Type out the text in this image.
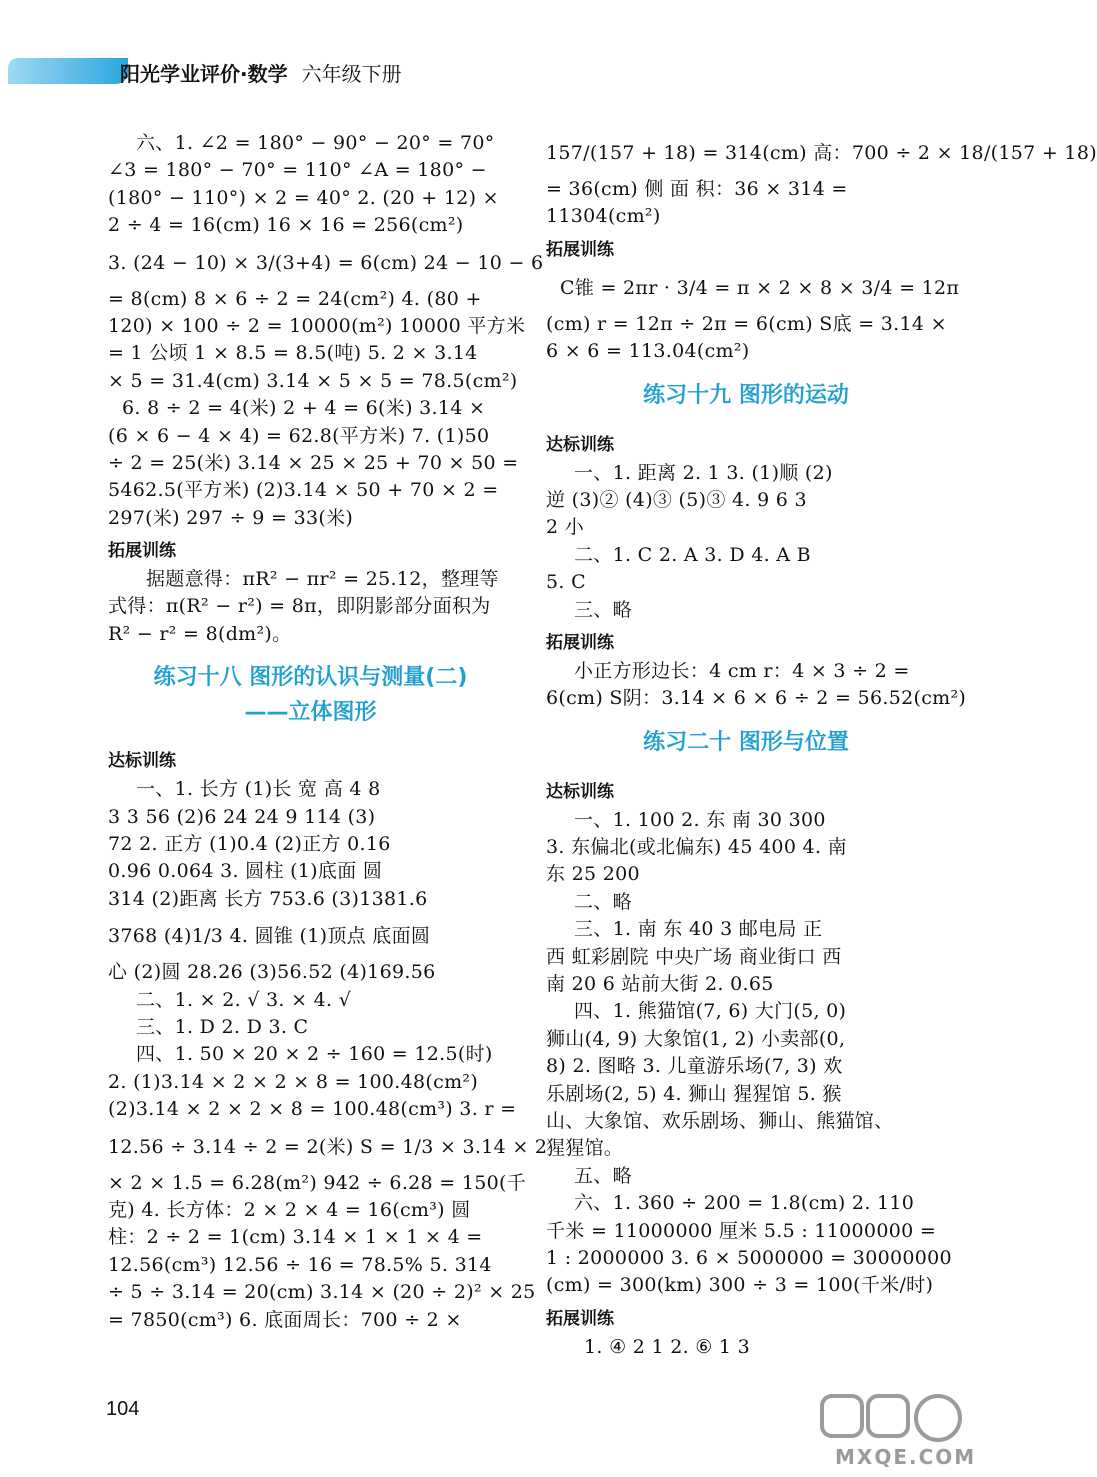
阳光学业评价·数学 六年级下册
六、1. ∠2 = 180° − 90° − 20° = 70°
∠3 = 180° − 70° = 110° ∠A = 180° −
(180° − 110°) × 2 = 40° 2. (20 + 12) ×
2 ÷ 4 = 16(cm) 16 × 16 = 256(cm²)
3. (24 − 10) × 3/(3+4) = 6(cm) 24 − 10 − 6
= 8(cm) 8 × 6 ÷ 2 = 24(cm²) 4. (80 +
120) × 100 ÷ 2 = 10000(m²) 10000 平方米
= 1 公顷 1 × 8.5 = 8.5(吨) 5. 2 × 3.14
× 5 = 31.4(cm) 3.14 × 5 × 5 = 78.5(cm²)
6. 8 ÷ 2 = 4(米) 2 + 4 = 6(米) 3.14 ×
(6 × 6 − 4 × 4) = 62.8(平方米) 7. (1)50
÷ 2 = 25(米) 3.14 × 25 × 25 + 70 × 50 =
5462.5(平方米) (2)3.14 × 50 + 70 × 2 =
297(米) 297 ÷ 9 = 33(米)
拓展训练
据题意得：πR² − πr² = 25.12，整理等
式得：π(R² − r²) = 8π，即阴影部分面积为
R² − r² = 8(dm²)。
练习十八 图形的认识与测量(二)
——立体图形
达标训练
一、1. 长方 (1)长 宽 高 4 8
3 3 56 (2)6 24 24 9 114 (3)
72 2. 正方 (1)0.4 (2)正方 0.16
0.96 0.064 3. 圆柱 (1)底面 圆
314 (2)距离 长方 753.6 (3)1381.6
3768 (4)1/3 4. 圆锥 (1)顶点 底面圆
心 (2)圆 28.26 (3)56.52 (4)169.56
二、1. × 2. √ 3. × 4. √
三、1. D 2. D 3. C
四、1. 50 × 20 × 2 ÷ 160 = 12.5(时)
2. (1)3.14 × 2 × 2 × 8 = 100.48(cm²)
(2)3.14 × 2 × 2 × 8 = 100.48(cm³) 3. r =
12.56 ÷ 3.14 ÷ 2 = 2(米) S = 1/3 × 3.14 × 2
× 2 × 1.5 = 6.28(m²) 942 ÷ 6.28 = 150(千
克) 4. 长方体：2 × 2 × 4 = 16(cm³) 圆
柱：2 ÷ 2 = 1(cm) 3.14 × 1 × 1 × 4 =
12.56(cm³) 12.56 ÷ 16 = 78.5% 5. 314
÷ 5 ÷ 3.14 = 20(cm) 3.14 × (20 ÷ 2)² × 25
= 7850(cm³) 6. 底面周长：700 ÷ 2 ×
157/(157 + 18) = 314(cm) 高：700 ÷ 2 × 18/(157 + 18)
= 36(cm) 侧 面 积：36 × 314 =
11304(cm²)
拓展训练
C锥 = 2πr · 3/4 = π × 2 × 8 × 3/4 = 12π
(cm) r = 12π ÷ 2π = 6(cm) S底 = 3.14 ×
6 × 6 = 113.04(cm²)
练习十九 图形的运动
达标训练
一、1. 距离 2. 1 3. (1)顺 (2)
逆 (3)② (4)③ (5)③ 4. 9 6 3
2 小
二、1. C 2. A 3. D 4. A B
5. C
三、略
拓展训练
小正方形边长：4 cm r：4 × 3 ÷ 2 =
6(cm) S阴：3.14 × 6 × 6 ÷ 2 = 56.52(cm²)
练习二十 图形与位置
达标训练
一、1. 100 2. 东 南 30 300
3. 东偏北(或北偏东) 45 400 4. 南
东 25 200
二、略
三、1. 南 东 40 3 邮电局 正
西 虹彩剧院 中央广场 商业街口 西
南 20 6 站前大街 2. 0.65
四、1. 熊猫馆(7, 6) 大门(5, 0)
狮山(4, 9) 大象馆(1, 2) 小卖部(0,
8) 2. 图略 3. 儿童游乐场(7, 3) 欢
乐剧场(2, 5) 4. 狮山 猩猩馆 5. 猴
山、大象馆、欢乐剧场、狮山、熊猫馆、
猩猩馆。
五、略
六、1. 360 ÷ 200 = 1.8(cm) 2. 110
千米 = 11000000 厘米 5.5 : 11000000 =
1 : 2000000 3. 6 × 5000000 = 30000000
(cm) = 300(km) 300 ÷ 3 = 100(千米/时)
拓展训练
1. ④ 2 1 2. ⑥ 1 3
104
MXQE.COM
